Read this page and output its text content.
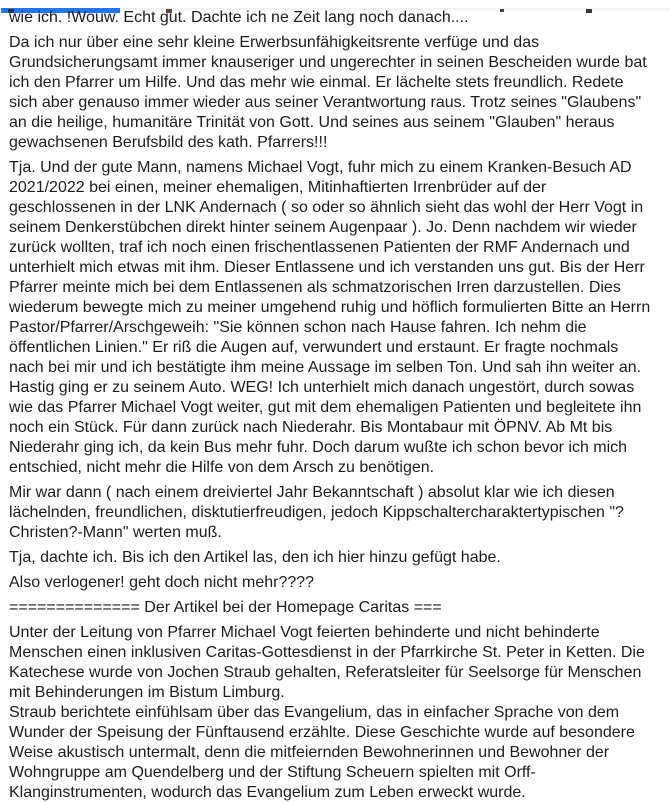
wie ich. !Wouw. Echt gut. Dachte ich ne Zeit lang noch danach....

Da ich nur über eine sehr kleine Erwerbsunfähigkeitsrente verfüge und das Grundsicherungsamt immer knauseriger und ungerechter in seinen Bescheiden wurde bat ich den Pfarrer um Hilfe. Und das mehr wie einmal. Er lächelte stets freundlich. Redete sich aber genauso immer wieder aus seiner Verantwortung raus. Trotz seines "Glaubens" an die heilige, humanitäre Trinität von Gott. Und seines aus seinem "Glauben" heraus gewachsenen Berufsbild des kath. Pfarrers!!!

Tja. Und der gute Mann, namens Michael Vogt, fuhr mich zu einem Kranken-Besuch AD 2021/2022 bei einen, meiner ehemaligen, Mitinhaftierten Irrenbrüder auf der geschlossenen in der LNK Andernach ( so oder so ähnlich sieht das wohl der Herr Vogt in seinem Denkerstübchen direkt hinter seinem Augenpaar ). Jo. Denn nachdem wir wieder zurück wollten, traf ich noch einen frischentlassenen Patienten der RMF Andernach und unterhielt mich etwas mit ihm. Dieser Entlassene und ich verstanden uns gut. Bis der Herr Pfarrer meinte mich bei dem Entlassenen als schmatzorischen Irren darzustellen. Dies wiederum bewegte mich zu meiner umgehend ruhig und höflich formulierten Bitte an Herrn Pastor/Pfarrer/Arschgeweih: "Sie können schon nach Hause fahren. Ich nehm die öffentlichen Linien." Er riß die Augen auf, verwundert und erstaunt. Er fragte nochmals nach bei mir und ich bestätigte ihm meine Aussage im selben Ton. Und sah ihn weiter an. Hastig ging er zu seinem Auto. WEG! Ich unterhielt mich danach ungestört, durch sowas wie das Pfarrer Michael Vogt weiter, gut mit dem ehemaligen Patienten und begleitete ihn noch ein Stück. Für dann zurück nach Niederahr. Bis Montabaur mit ÖPNV. Ab Mt bis Niederahr ging ich, da kein Bus mehr fuhr. Doch darum wußte ich schon bevor ich mich entschied, nicht mehr die Hilfe von dem Arsch zu benötigen.

Mir war dann ( nach einem dreiviertel Jahr Bekanntschaft ) absolut klar wie ich diesen lächelnden, freundlichen, disktutierfreudigen, jedoch Kippschaltercharaktertypischen "?Christen?-Mann" werten muß.

Tja, dachte ich. Bis ich den Artikel las, den ich hier hinzu gefügt habe.

Also verlogener! geht doch nicht mehr????

============== Der Artikel bei der Homepage Caritas ===

Unter der Leitung von Pfarrer Michael Vogt feierten behinderte und nicht behinderte Menschen einen inklusiven Caritas-Gottesdienst in der Pfarrkirche St. Peter in Ketten. Die Katechese wurde von Jochen Straub gehalten, Referatsleiter für Seelsorge für Menschen mit Behinderungen im Bistum Limburg.
Straub berichtete einfühlsam über das Evangelium, das in einfacher Sprache von dem Wunder der Speisung der Fünftausend erzählte. Diese Geschichte wurde auf besondere Weise akustisch untermalt, denn die mitfeiernden Bewohnerinnen und Bewohner der Wohngruppe am Quendelberg und der Stiftung Scheuern spielten mit Orff-Klanginstrumenten, wodurch das Evangelium zum Leben erweckt wurde.
